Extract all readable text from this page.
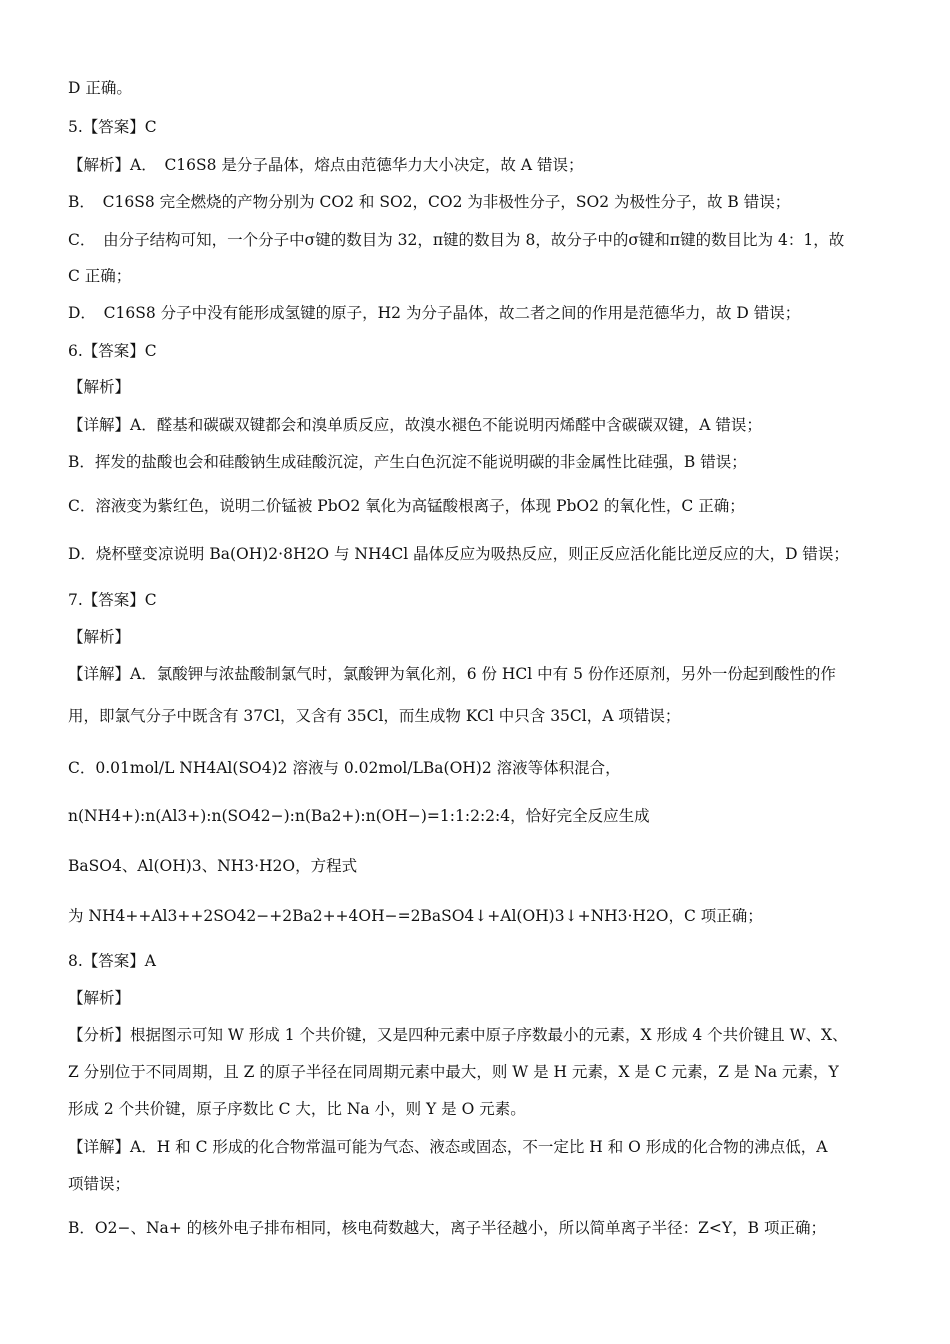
D 正确。
5.【答案】C
【解析】A．　C16S8 是分子晶体，熔点由范德华力大小决定，故 A 错误；
B．　C16S8 完全燃烧的产物分别为 CO2 和 SO2，CO2 为非极性分子，SO2 为极性分子，故 B 错误；
C．　由分子结构可知，一个分子中σ键的数目为 32，π键的数目为 8，故分子中的σ键和π键的数目比为 4：1，故
C 正确；
D．　C16S8 分子中没有能形成氢键的原子，H2 为分子晶体，故二者之间的作用是范德华力，故 D 错误；
6.【答案】C
【解析】
【详解】A．醛基和碳碳双键都会和溴单质反应，故溴水褪色不能说明丙烯醛中含碳碳双键，A 错误；
B．挥发的盐酸也会和硅酸钠生成硅酸沉淀，产生白色沉淀不能说明碳的非金属性比硅强，B 错误；
C．溶液变为紫红色，说明二价锰被 PbO2 氧化为高锰酸根离子，体现 PbO2 的氧化性，C 正确；
D．烧杯壁变凉说明 Ba(OH)2·8H2O 与 NH4Cl 晶体反应为吸热反应，则正反应活化能比逆反应的大，D 错误；
7.【答案】C
【解析】
【详解】A．氯酸钾与浓盐酸制氯气时，氯酸钾为氧化剂，6 份 HCl 中有 5 份作还原剂，另外一份起到酸性的作
用，即氯气分子中既含有 37Cl，又含有 35Cl，而生成物 KCl 中只含 35Cl，A 项错误；
C．0.01mol/L NH4Al(SO4)2 溶液与 0.02mol/LBa(OH)2 溶液等体积混合，
n(NH4+):n(Al3+):n(SO42−):n(Ba2+):n(OH−)=1:1:2:2:4，恰好完全反应生成
BaSO4、Al(OH)3、NH3·H2O，方程式
为 NH4++Al3++2SO42−+2Ba2++4OH−=2BaSO4↓+Al(OH)3↓+NH3·H2O，C 项正确；
8.【答案】A
【解析】
【分析】根据图示可知 W 形成 1 个共价键，又是四种元素中原子序数最小的元素，X 形成 4 个共价键且 W、X、
Z 分别位于不同周期，且 Z 的原子半径在同周期元素中最大，则 W 是 H 元素，X 是 C 元素，Z 是 Na 元素，Y
形成 2 个共价键，原子序数比 C 大，比 Na 小，则 Y 是 O 元素。
【详解】A．H 和 C 形成的化合物常温可能为气态、液态或固态，不一定比 H 和 O 形成的化合物的沸点低，A
项错误；
B．O2−、Na+ 的核外电子排布相同，核电荷数越大，离子半径越小，所以简单离子半径：Z<Y，B 项正确；
